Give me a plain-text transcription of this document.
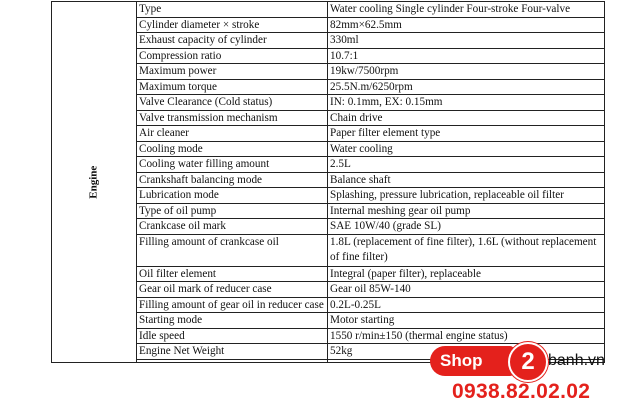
Engine	Type	Water cooling Single cylinder Four-stroke Four-valve
	Cylinder diameter × stroke	82mm×62.5mm
	Exhaust capacity of cylinder	330ml
	Compression ratio	10.7:1
	Maximum power	19kw/7500rpm
	Maximum torque	25.5N.m/6250rpm
	Valve Clearance (Cold status)	IN: 0.1mm, EX: 0.15mm
	Valve transmission mechanism	Chain drive
	Air cleaner	Paper filter element type
	Cooling mode	Water cooling
	Cooling water filling amount	2.5L
	Crankshaft balancing mode	Balance shaft
	Lubrication mode	Splashing, pressure lubrication, replaceable oil filter
	Type of oil pump	Internal meshing gear oil pump
	Crankcase oil mark	SAE 10W/40 (grade SL)
	Filling amount of crankcase oil	1.8L (replacement of fine filter), 1.6L (without replacement of fine filter)
	Oil filter element	Integral (paper filter), replaceable
	Gear oil mark of reducer case	Gear oil 85W-140
	Filling amount of gear oil in reducer case	0.2L-0.25L
	Starting mode	Motor starting
	Idle speed	1550 r/min±150 (thermal engine status)
	Engine Net Weight	52kg
		Shop	2 banh.vn
0938.82.02.02
